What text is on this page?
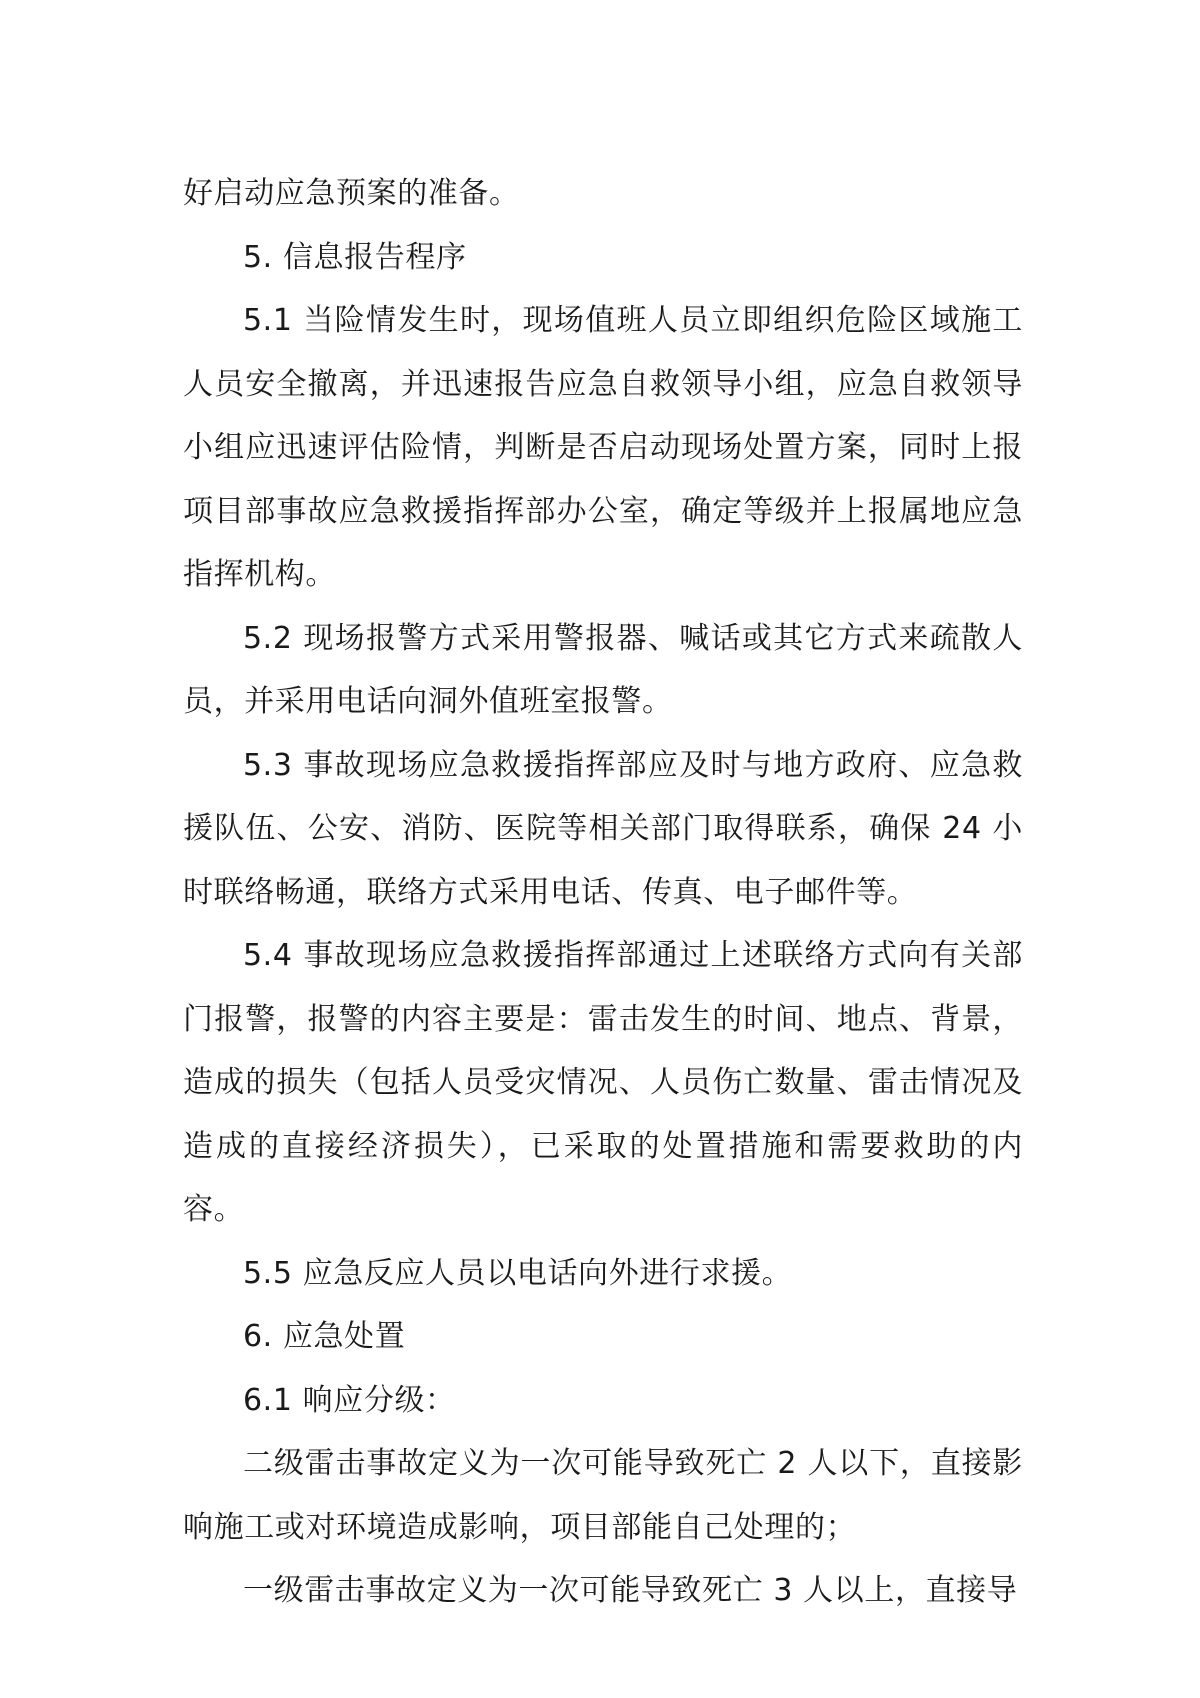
好启动应急预案的准备。

5. 信息报告程序

5.1 当险情发生时，现场值班人员立即组织危险区域施工人员安全撤离，并迅速报告应急自救领导小组，应急自救领导小组应迅速评估险情，判断是否启动现场处置方案，同时上报项目部事故应急救援指挥部办公室，确定等级并上报属地应急指挥机构。

5.2 现场报警方式采用警报器、喊话或其它方式来疏散人员，并采用电话向洞外值班室报警。

5.3 事故现场应急救援指挥部应及时与地方政府、应急救援队伍、公安、消防、医院等相关部门取得联系，确保 24 小时联络畅通，联络方式采用电话、传真、电子邮件等。

5.4 事故现场应急救援指挥部通过上述联络方式向有关部门报警，报警的内容主要是：雷击发生的时间、地点、背景，造成的损失（包括人员受灾情况、人员伤亡数量、雷击情况及造成的直接经济损失），已采取的处置措施和需要救助的内容。

5.5 应急反应人员以电话向外进行求援。

6. 应急处置

6.1 响应分级：

二级雷击事故定义为一次可能导致死亡 2 人以下，直接影响施工或对环境造成影响，项目部能自己处理的；

一级雷击事故定义为一次可能导致死亡 3 人以上，直接导
